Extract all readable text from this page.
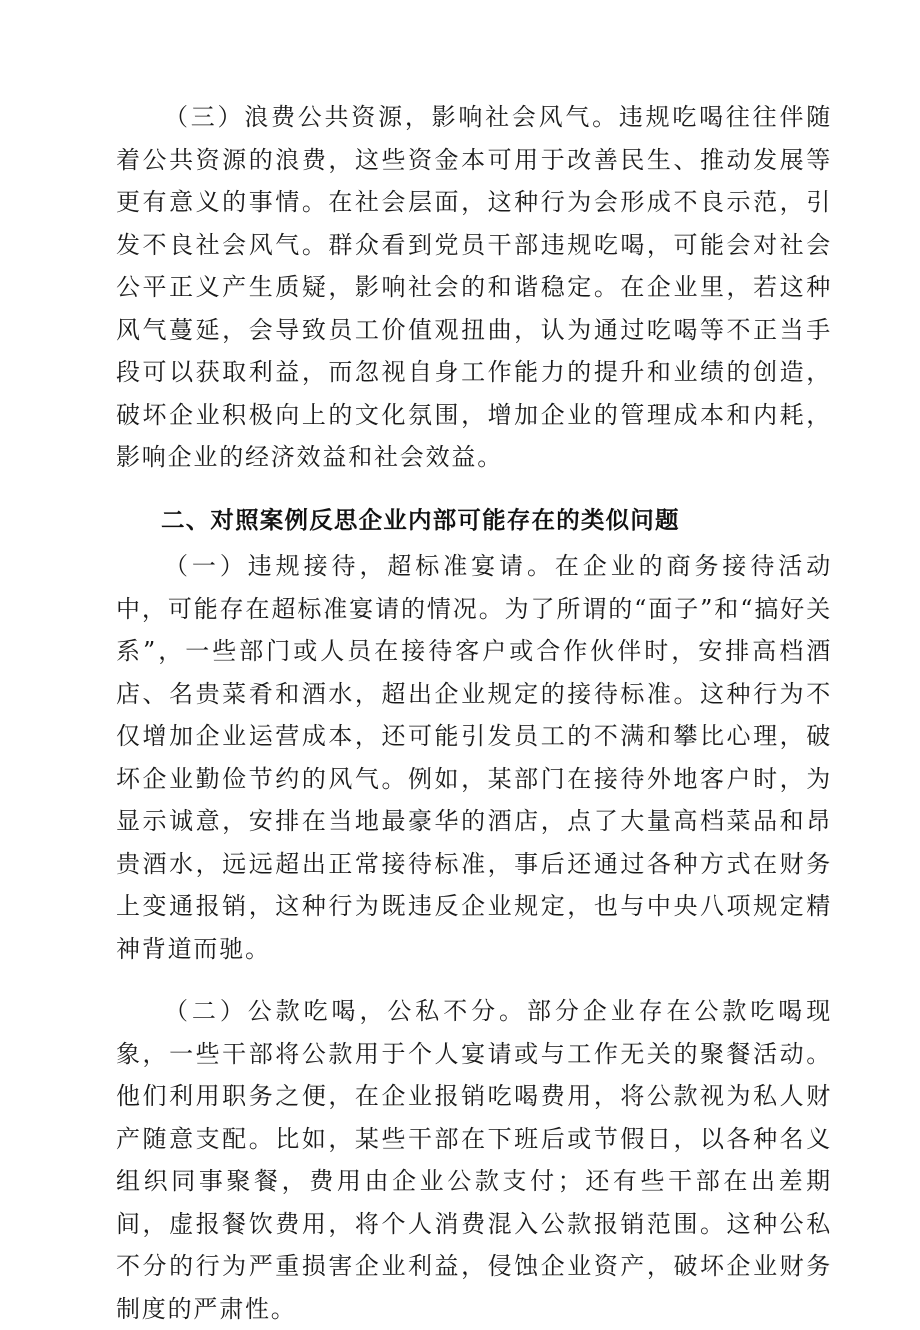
（三）浪费公共资源，影响社会风气。违规吃喝往往伴随着公共资源的浪费，这些资金本可用于改善民生、推动发展等更有意义的事情。在社会层面，这种行为会形成不良示范，引发不良社会风气。群众看到党员干部违规吃喝，可能会对社会公平正义产生质疑，影响社会的和谐稳定。在企业里，若这种风气蔓延，会导致员工价值观扭曲，认为通过吃喝等不正当手段可以获取利益，而忽视自身工作能力的提升和业绩的创造，破坏企业积极向上的文化氛围，增加企业的管理成本和内耗，影响企业的经济效益和社会效益。

二、对照案例反思企业内部可能存在的类似问题

（一）违规接待，超标准宴请。在企业的商务接待活动中，可能存在超标准宴请的情况。为了所谓的“面子”和“搞好关系”，一些部门或人员在接待客户或合作伙伴时，安排高档酒店、名贵菜肴和酒水，超出企业规定的接待标准。这种行为不仅增加企业运营成本，还可能引发员工的不满和攀比心理，破坏企业勤俭节约的风气。例如，某部门在接待外地客户时，为显示诚意，安排在当地最豪华的酒店，点了大量高档菜品和昂贵酒水，远远超出正常接待标准，事后还通过各种方式在财务上变通报销，这种行为既违反企业规定，也与中央八项规定精神背道而驰。

（二）公款吃喝，公私不分。部分企业存在公款吃喝现象，一些干部将公款用于个人宴请或与工作无关的聚餐活动。他们利用职务之便，在企业报销吃喝费用，将公款视为私人财产随意支配。比如，某些干部在下班后或节假日，以各种名义组织同事聚餐，费用由企业公款支付；还有些干部在出差期间，虚报餐饮费用，将个人消费混入公款报销范围。这种公私不分的行为严重损害企业利益，侵蚀企业资产，破坏企业财务制度的严肃性。
